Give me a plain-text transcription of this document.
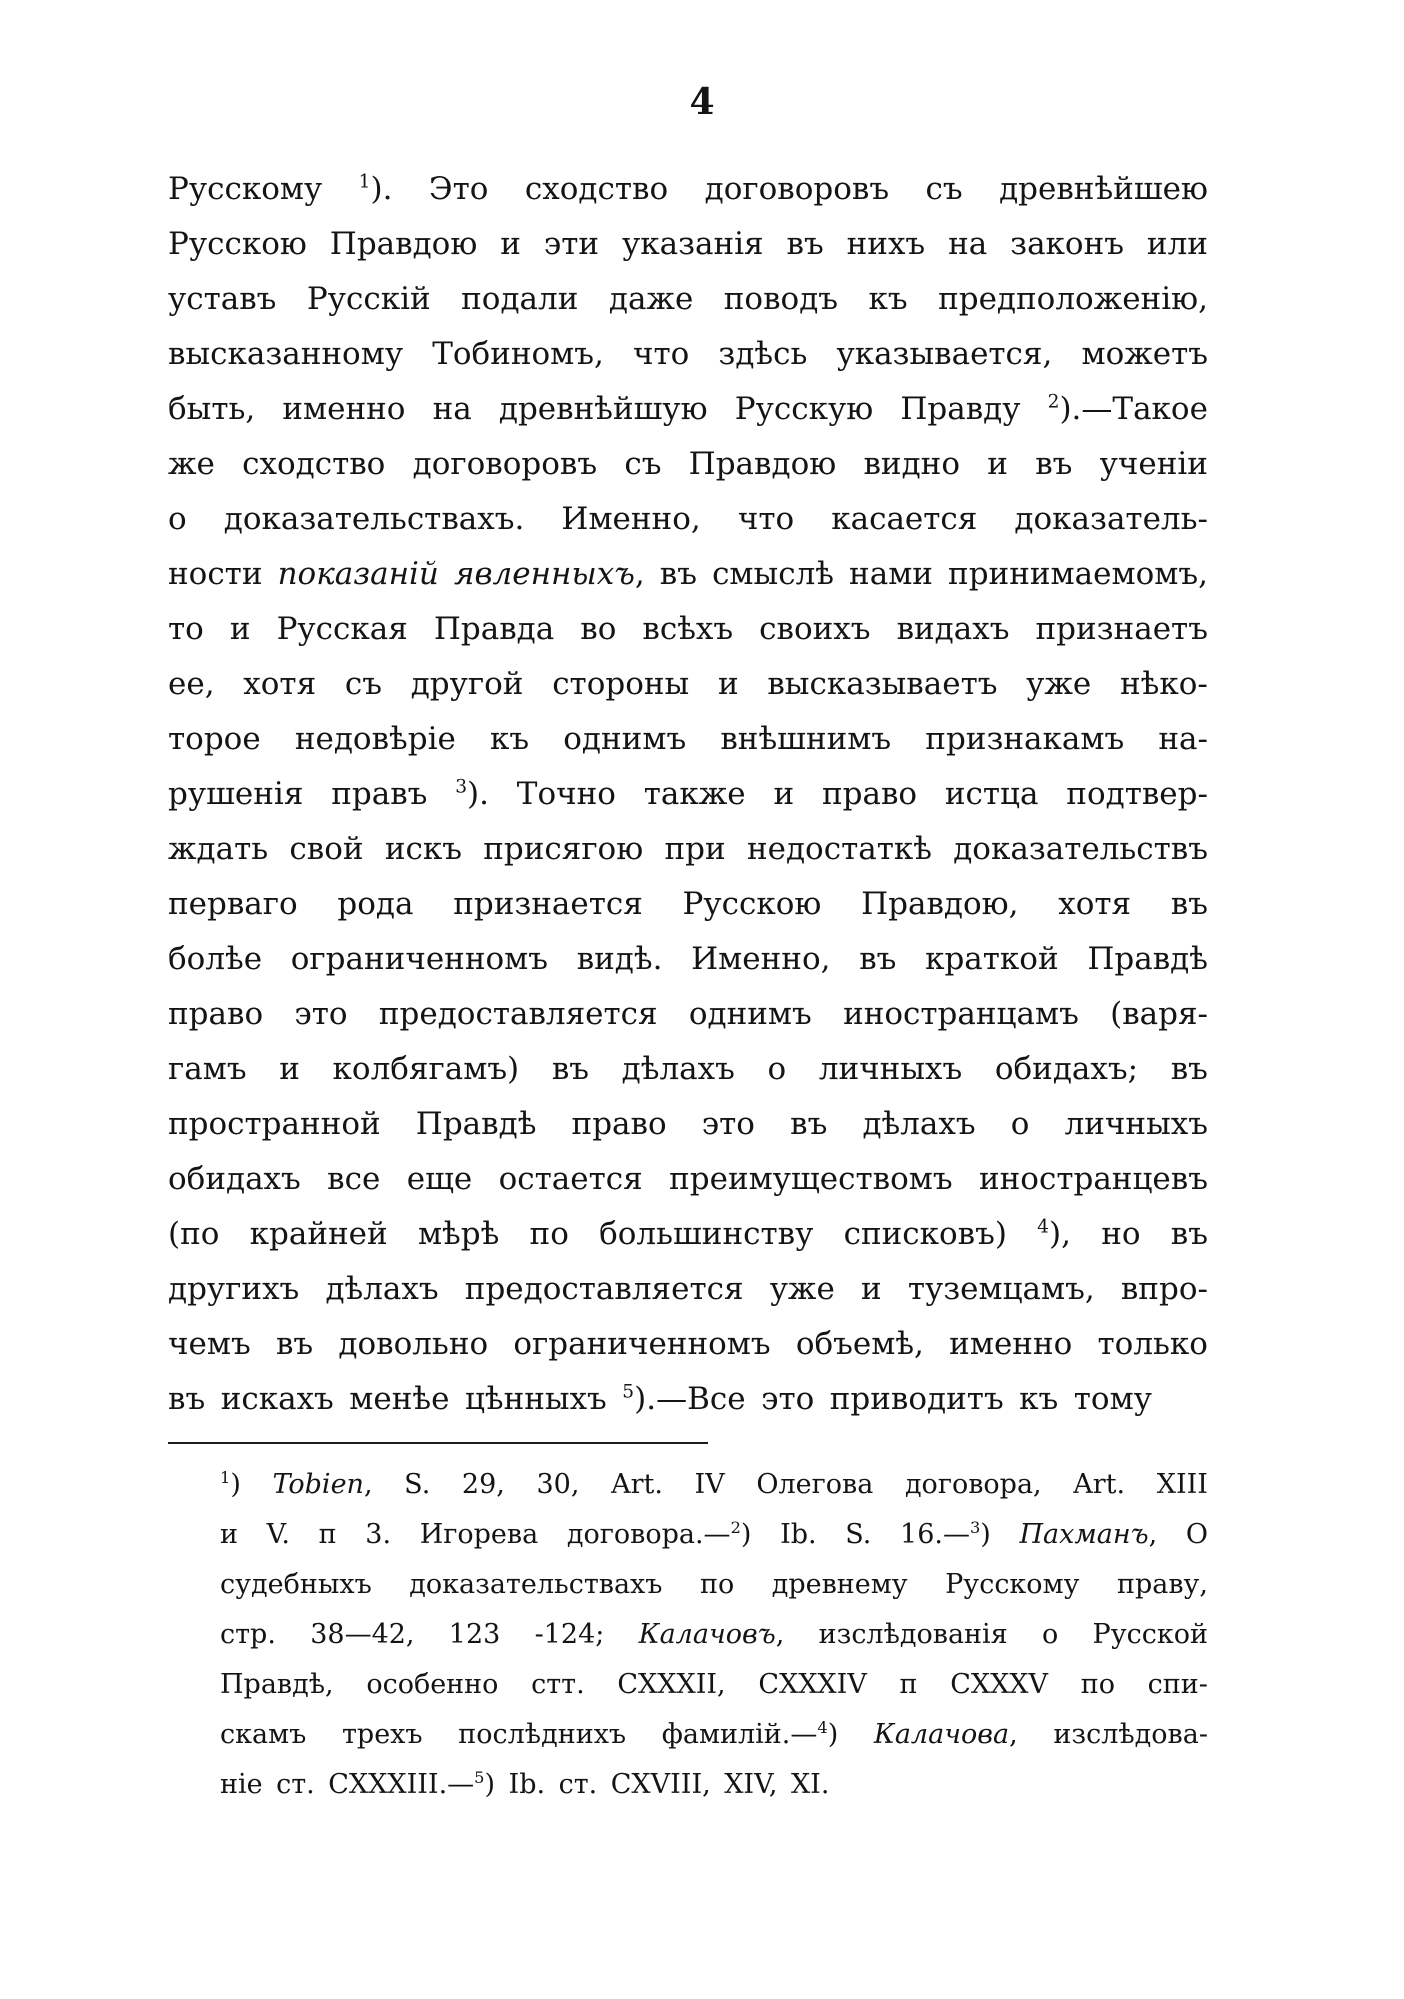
4
Русскому $^1$). Это сходство договоровъ съ древнѣйшею
Русскою Правдою и эти указанія въ нихъ на законъ или
уставъ Русскій подали даже поводъ къ предположенію,
высказанному Тобиномъ, что здѣсь указывается, можетъ
быть, именно на древнѣйшую Русскую Правду $^2$).—Такое
же сходство договоровъ съ Правдою видно и въ ученіи
о доказательствахъ. Именно, что касается доказатель-
ности показаній явленныхъ, въ смыслѣ нами принимаемомъ,
то и Русская Правда во всѣхъ своихъ видахъ признаетъ
ее, хотя съ другой стороны и высказываетъ уже нѣко-
торое недовѣріе къ однимъ внѣшнимъ признакамъ на-
рушенія правъ $^3$). Точно также и право истца подтвер-
ждать свой искъ присягою при недостаткѣ доказательствъ
перваго рода признается Русскою Правдою, хотя въ
болѣе ограниченномъ видѣ. Именно, въ краткой Правдѣ
право это предоставляется однимъ иностранцамъ (варя-
гамъ и колбягамъ) въ дѣлахъ о личныхъ обидахъ; въ
пространной Правдѣ право это въ дѣлахъ о личныхъ
обидахъ все еще остается преимуществомъ иностранцевъ
(по крайней мѣрѣ по большинству списковъ) $^4$), но въ
другихъ дѣлахъ предоставляется уже и туземцамъ, впро-
чемъ въ довольно ограниченномъ объемѣ, именно только
въ искахъ менѣе цѣнныхъ $^5$).—Все это приводитъ къ тому
$^1$) Tobien, S. 29, 30, Art. IV Олегова договора, Art. XIII
и V. п 3. Игорева договора.—$^2$) Ib. S. 16.—$^3$) Пахманъ, О
судебныхъ доказательствахъ по древнему Русскому праву,
стр. 38—42, 123 -124; Калачовъ, изслѣдованія о Русской
Правдѣ, особенно стт. CXXXII, CXXXIV п CXXXV по спи-
скамъ трехъ послѣднихъ фамилій.—$^4$) Калачова, изслѣдова-
ніе ст. CXXXIII.—$^5$) Ib. ст. CXVIII, XIV, XI.
